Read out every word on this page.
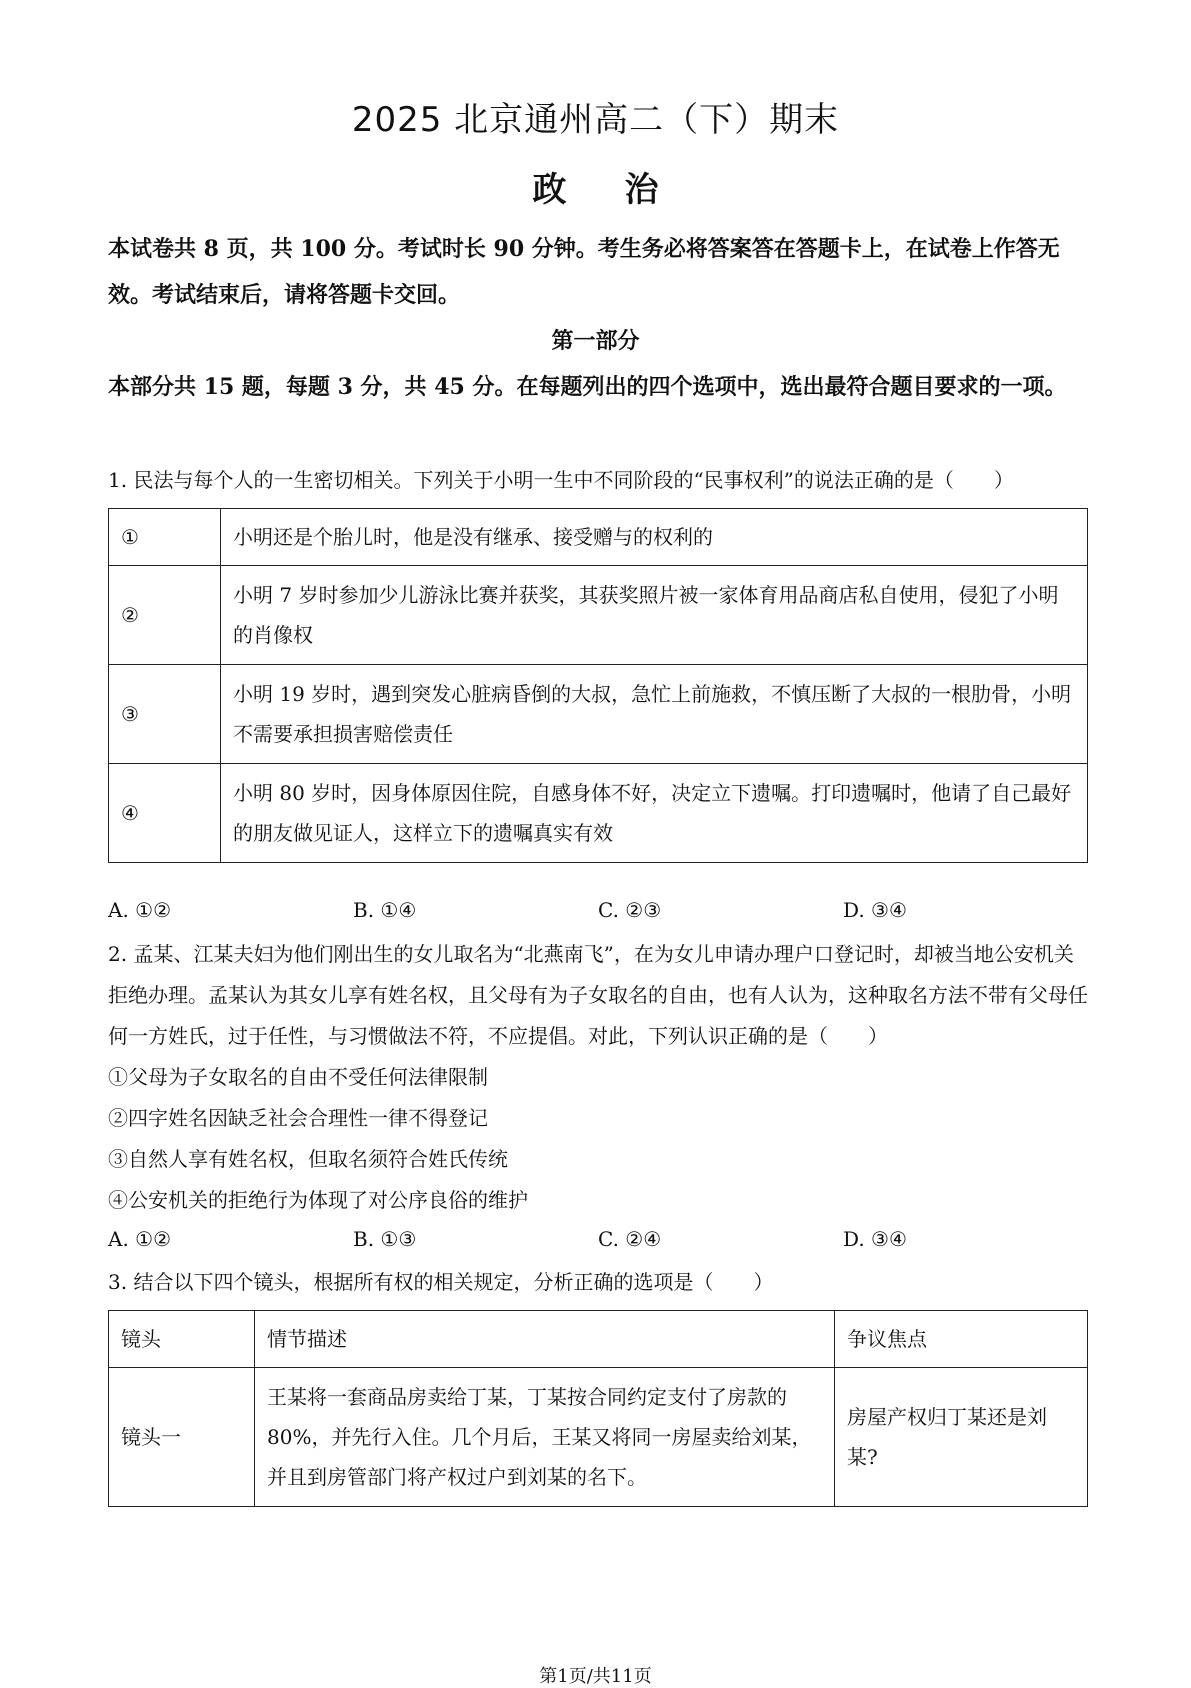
2025 北京通州高二（下）期末
政治
本试卷共 8 页，共 100 分。考试时长 90 分钟。考生务必将答案答在答题卡上，在试卷上作答无效。考试结束后，请将答题卡交回。
第一部分
本部分共 15 题，每题 3 分，共 45 分。在每题列出的四个选项中，选出最符合题目要求的一项。
1. 民法与每个人的一生密切相关。下列关于小明一生中不同阶段的“民事权利”的说法正确的是（　　）
①	小明还是个胎儿时，他是没有继承、接受赠与的权利的
②	小明 7 岁时参加少儿游泳比赛并获奖，其获奖照片被一家体育用品商店私自使用，侵犯了小明的肖像权
③	小明 19 岁时，遇到突发心脏病昏倒的大叔，急忙上前施救，不慎压断了大叔的一根肋骨，小明不需要承担损害赔偿责任
④	小明 80 岁时，因身体原因住院，自感身体不好，决定立下遗嘱。打印遗嘱时，他请了自己最好的朋友做见证人，这样立下的遗嘱真实有效
A. ①②	B. ①④	C. ②③	D. ③④
2. 孟某、江某夫妇为他们刚出生的女儿取名为“北燕南飞”，在为女儿申请办理户口登记时，却被当地公安机关拒绝办理。孟某认为其女儿享有姓名权，且父母有为子女取名的自由，也有人认为，这种取名方法不带有父母任何一方姓氏，过于任性，与习惯做法不符，不应提倡。对此，下列认识正确的是（　　）
①父母为子女取名的自由不受任何法律限制
②四字姓名因缺乏社会合理性一律不得登记
③自然人享有姓名权，但取名须符合姓氏传统
④公安机关的拒绝行为体现了对公序良俗的维护
A. ①②	B. ①③	C. ②④	D. ③④
3. 结合以下四个镜头，根据所有权的相关规定，分析正确的选项是（　　）
镜头	情节描述	争议焦点
镜头一	王某将一套商品房卖给丁某，丁某按合同约定支付了房款的 80%，并先行入住。几个月后，王某又将同一房屋卖给刘某，并且到房管部门将产权过户到刘某的名下。	房屋产权归丁某还是刘某?
第1页/共11页
